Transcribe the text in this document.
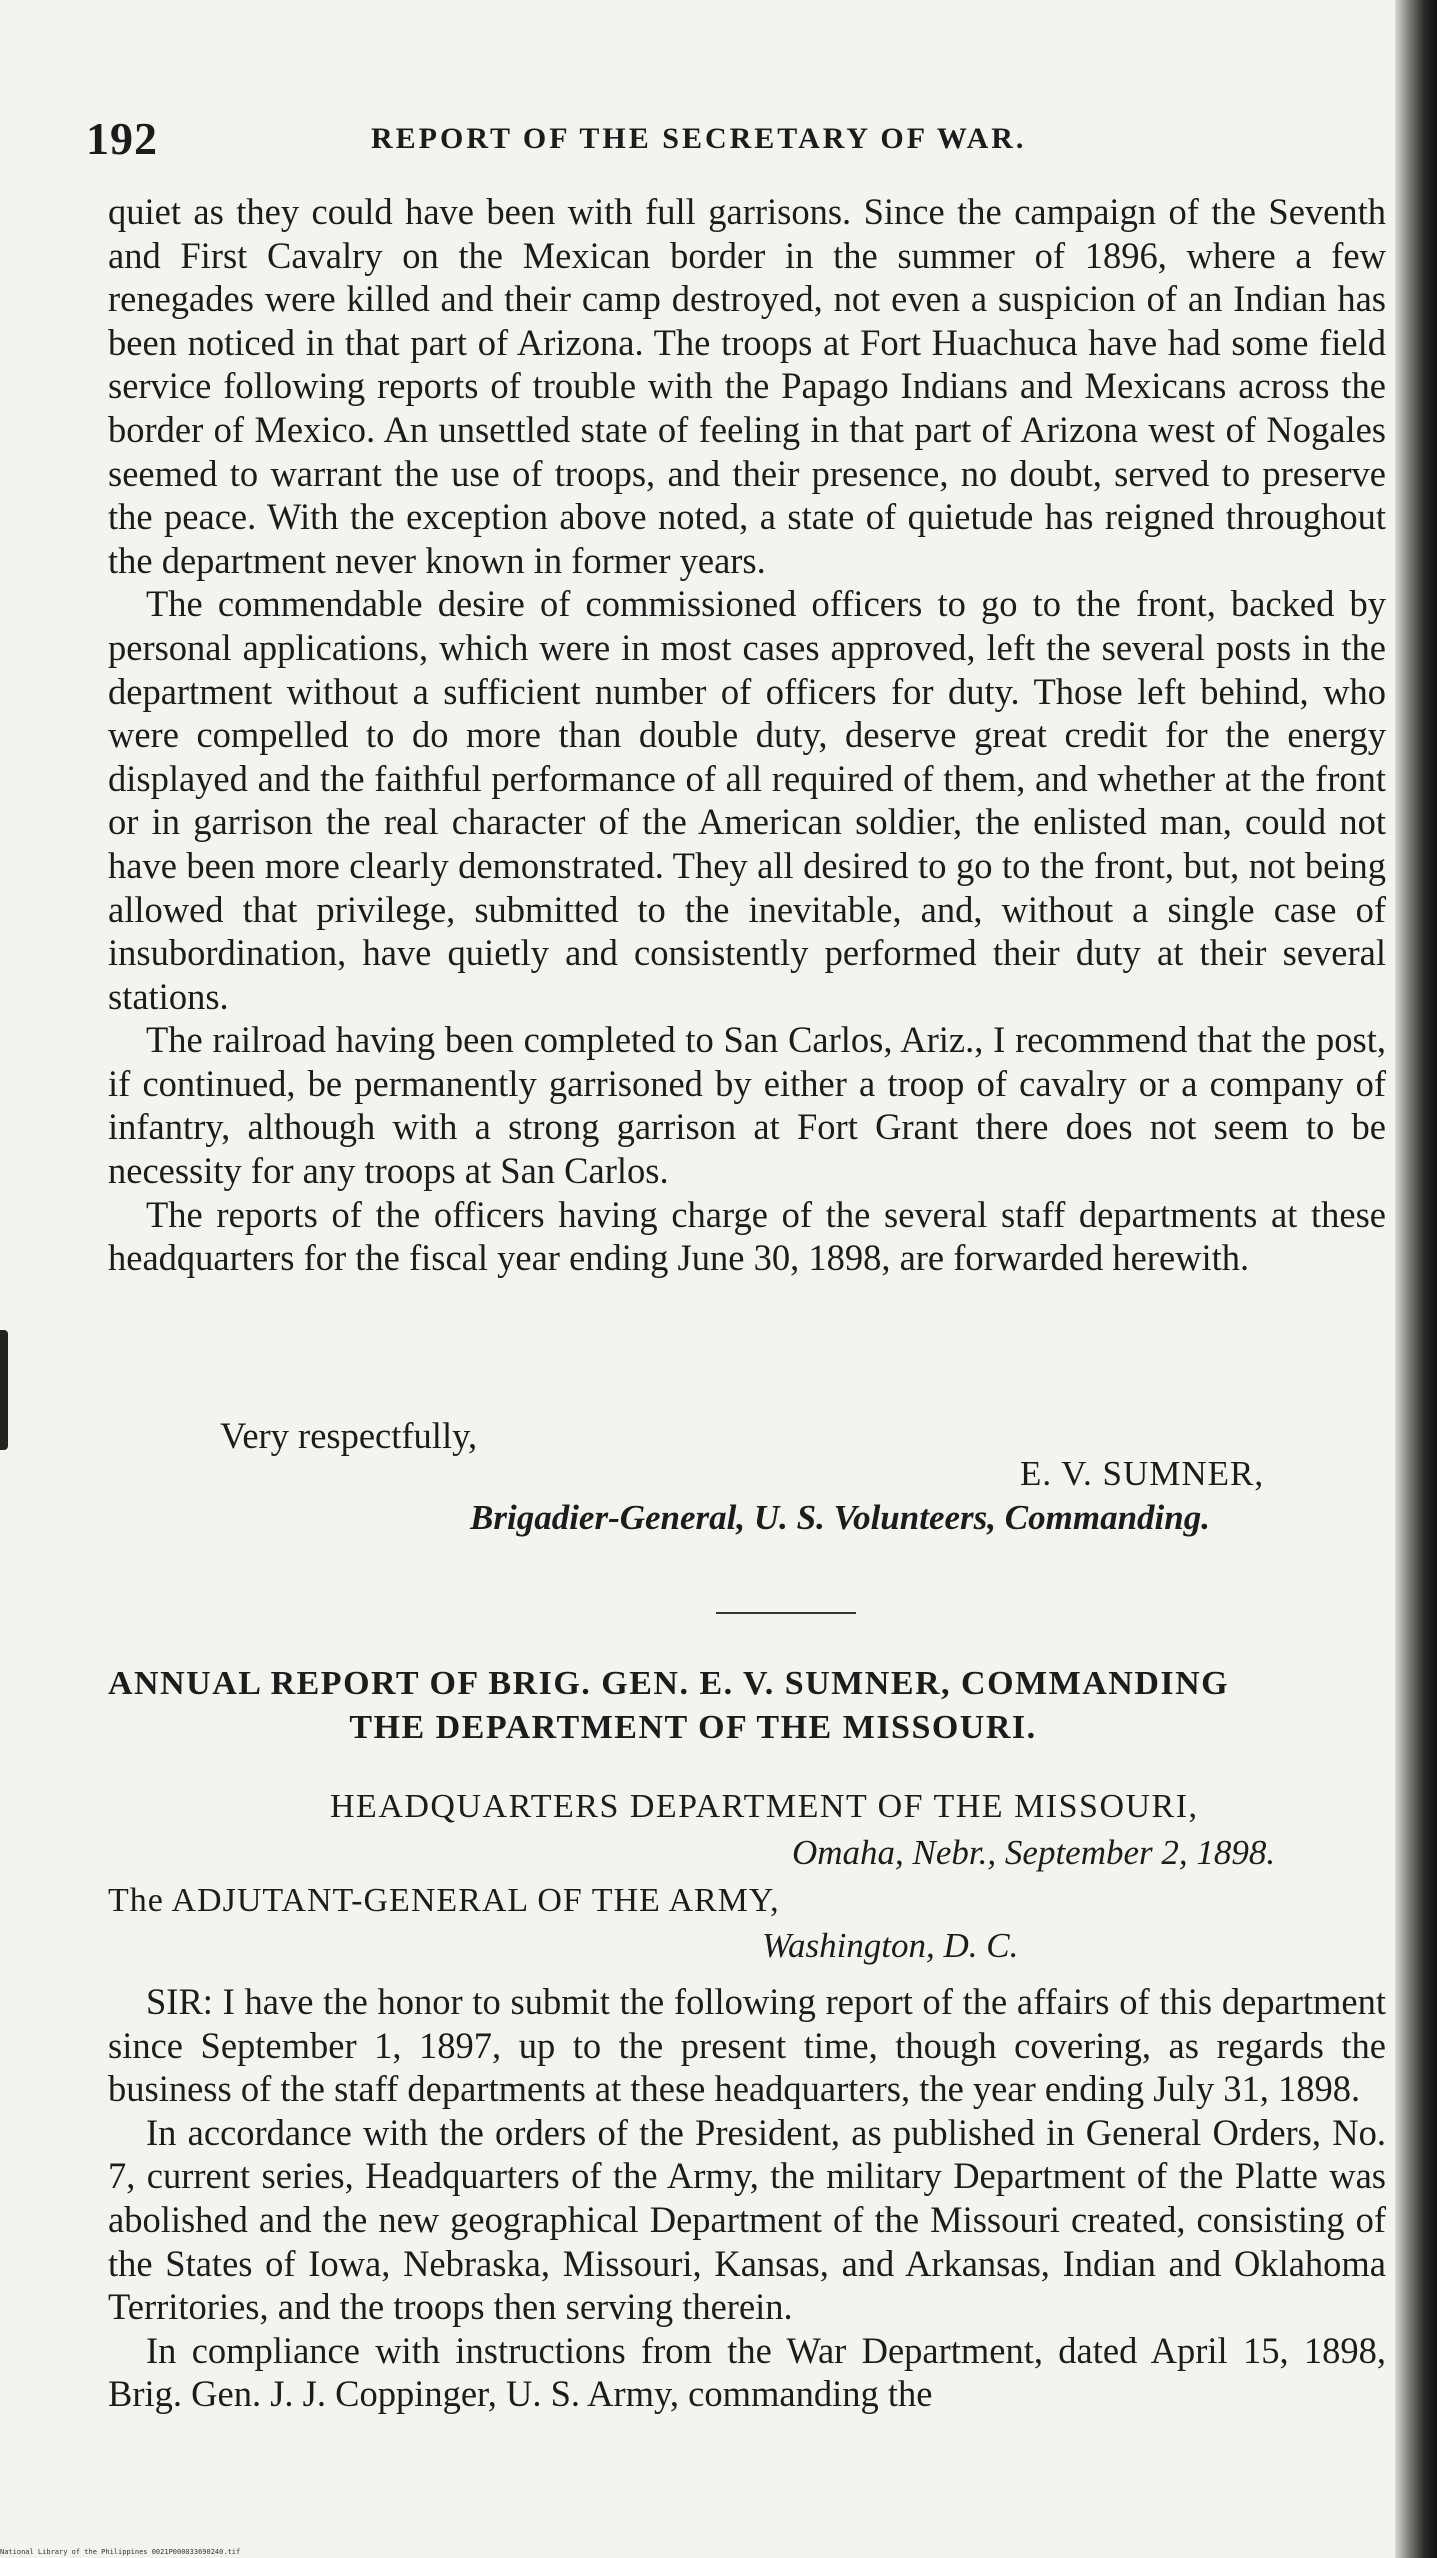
192	REPORT OF THE SECRETARY OF WAR.

quiet as they could have been with full garrisons. Since the campaign of the Seventh and First Cavalry on the Mexican border in the summer of 1896, where a few renegades were killed and their camp destroyed, not even a suspicion of an Indian has been noticed in that part of Arizona. The troops at Fort Huachuca have had some field service following reports of trouble with the Papago Indians and Mexicans across the border of Mexico. An unsettled state of feeling in that part of Arizona west of Nogales seemed to warrant the use of troops, and their presence, no doubt, served to preserve the peace. With the exception above noted, a state of quietude has reigned throughout the department never known in former years.

The commendable desire of commissioned officers to go to the front, backed by personal applications, which were in most cases approved, left the several posts in the department without a sufficient number of officers for duty. Those left behind, who were compelled to do more than double duty, deserve great credit for the energy displayed and the faithful performance of all required of them, and whether at the front or in garrison the real character of the American soldier, the enlisted man, could not have been more clearly demonstrated. They all desired to go to the front, but, not being allowed that privilege, submitted to the inevitable, and, without a single case of insubordination, have quietly and consistently performed their duty at their several stations.

The railroad having been completed to San Carlos, Ariz., I recommend that the post, if continued, be permanently garrisoned by either a troop of cavalry or a company of infantry, although with a strong garrison at Fort Grant there does not seem to be necessity for any troops at San Carlos.

The reports of the officers having charge of the several staff departments at these headquarters for the fiscal year ending June 30, 1898, are forwarded herewith.

Very respectfully,
E. V. SUMNER,
Brigadier-General, U. S. Volunteers, Commanding.
ANNUAL REPORT OF BRIG. GEN. E. V. SUMNER, COMMANDING
THE DEPARTMENT OF THE MISSOURI.
HEADQUARTERS DEPARTMENT OF THE MISSOURI,
Omaha, Nebr., September 2, 1898.
The ADJUTANT-GENERAL OF THE ARMY,
Washington, D. C.

SIR: I have the honor to submit the following report of the affairs of this department since September 1, 1897, up to the present time, though covering, as regards the business of the staff departments at these headquarters, the year ending July 31, 1898.

In accordance with the orders of the President, as published in General Orders, No. 7, current series, Headquarters of the Army, the military Department of the Platte was abolished and the new geographical Department of the Missouri created, consisting of the States of Iowa, Nebraska, Missouri, Kansas, and Arkansas, Indian and Oklahoma Territories, and the troops then serving therein.

In compliance with instructions from the War Department, dated April 15, 1898, Brig. Gen. J. J. Coppinger, U. S. Army, commanding the

National Library of the Philippines 0021P000033690240.tif
